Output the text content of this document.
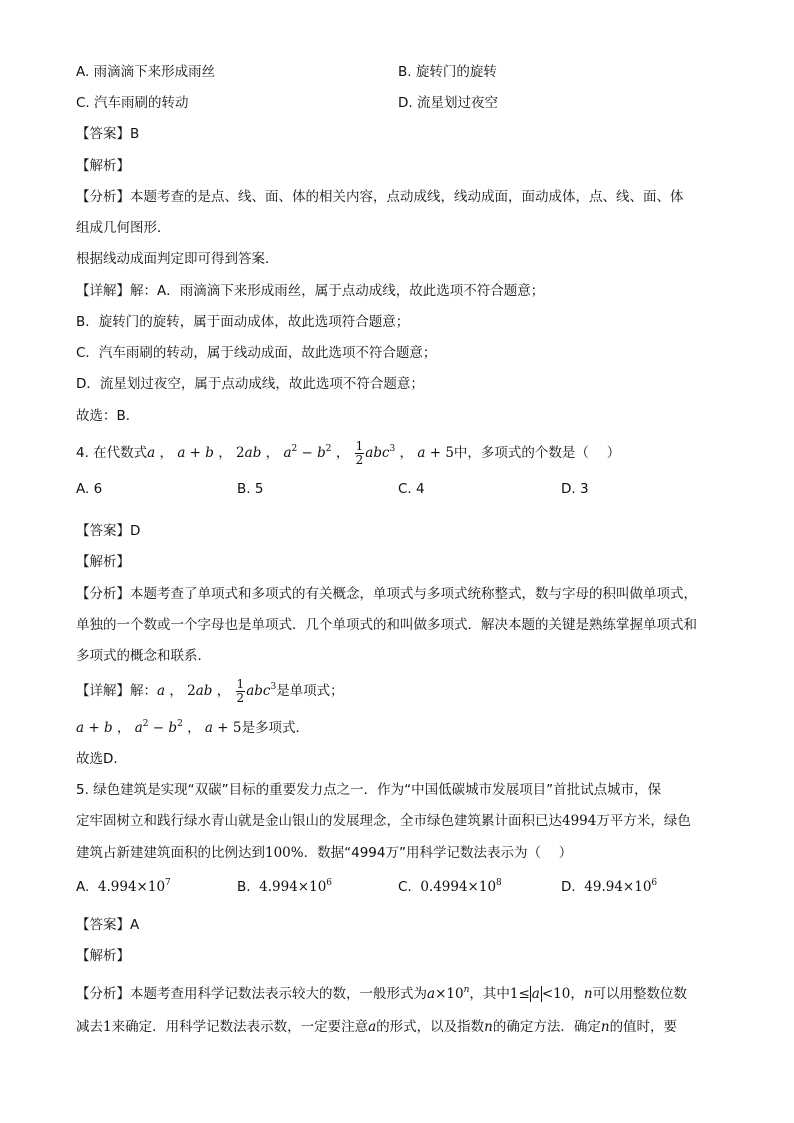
A. 雨滴滴下来形成雨丝	B. 旋转门的旋转
C. 汽车雨刷的转动	D. 流星划过夜空
【答案】B
【解析】
【分析】本题考查的是点、线、面、体的相关内容，点动成线，线动成面，面动成体，点、线、面、体
组成几何图形．
根据线动成面判定即可得到答案．
【详解】解：A．雨滴滴下来形成雨丝，属于点动成线，故此选项不符合题意；
B．旋转门的旋转，属于面动成体，故此选项符合题意；
C．汽车雨刷的转动，属于线动成面，故此选项不符合题意；
D．流星划过夜空，属于点动成线，故此选项不符合题意；
故选：B．
4. 在代数式a ， a + b ， 2ab ， $a^2 - b^2$ ， $\frac{1}{2} abc^3$ ， a + 5中，多项式的个数是（　 ）
A. 6	B. 5	C. 4	D. 3
【答案】D
【解析】
【分析】本题考查了单项式和多项式的有关概念，单项式与多项式统称整式，数与字母的积叫做单项式，
单独的一个数或一个字母也是单项式．几个单项式的和叫做多项式．解决本题的关键是熟练掌握单项式和
多项式的概念和联系．
【详解】解：a ， 2ab ， $\frac{1}{2} abc^3$是单项式；
a + b ， $a^2 - b^2$ ， a + 5是多项式．
故选D．
5. 绿色建筑是实现“双碳”目标的重要发力点之一．作为“中国低碳城市发展项目”首批试点城市，保
定牢固树立和践行绿水青山就是金山银山的发展理念，全市绿色建筑累计面积已达4994万平方米，绿色
建筑占新建建筑面积的比例达到100%．数据“4994万”用科学记数法表示为（　 ）
A. $4.994\times 10^7$	B. $4.994\times 10^6$	C. $0.4994\times 10^8$	D. $49.94\times 10^6$
【答案】A
【解析】
【分析】本题考查用科学记数法表示较大的数，一般形式为$a\times 10^n$，其中1≤ a <10，n可以用整数位数
减去1来确定．用科学记数法表示数，一定要注意a的形式，以及指数n的确定方法．确定n的值时，要
